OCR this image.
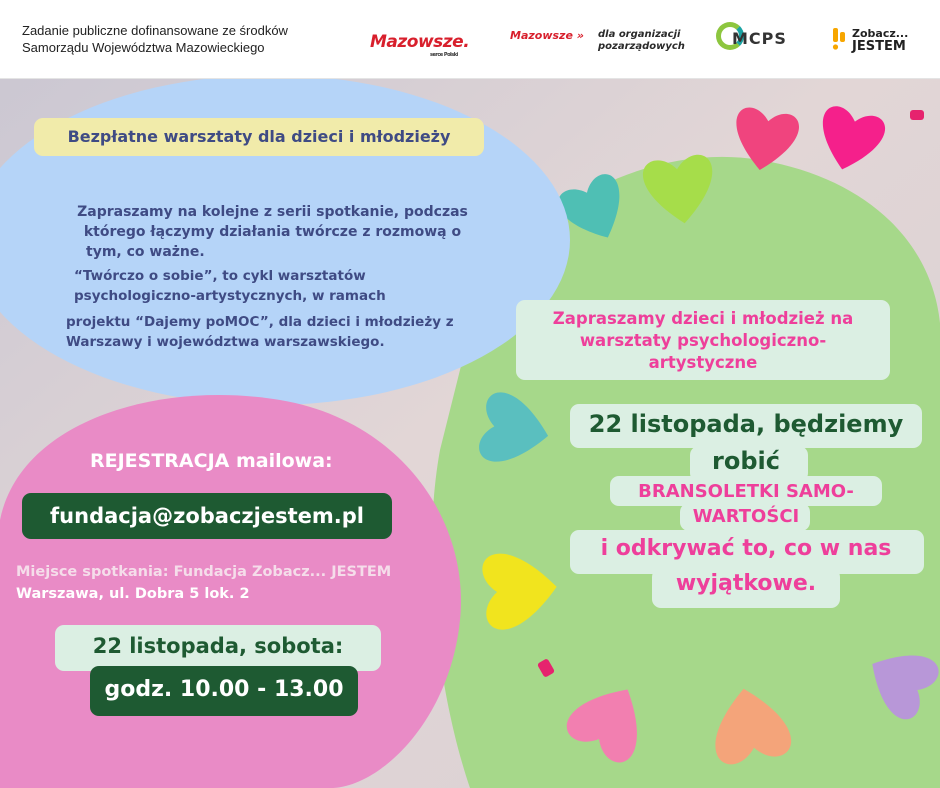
Zadanie publiczne dofinansowane ze środków
Samorządu Województwa Mazowieckiego	Mazowsze.
serce Polski
Mazowsze » dla organizacji pozarządowych	MCPS	Zobacz...
JESTEM
Bezpłatne warsztaty dla dzieci i młodzieży
Zapraszamy na kolejne z serii spotkanie, podczas
którego łączymy działania twórcze z rozmową o
tym, co ważne.
“Twórczo o sobie”, to cykl warsztatów
psychologiczno-artystycznych, w ramach
projektu “Dajemy poMOC”, dla dzieci i młodzieży z
Warszawy i województwa warszawskiego.
REJESTRACJA mailowa:
fundacja@zobaczjestem.pl
Miejsce spotkania: Fundacja Zobacz... JESTEM
Warszawa, ul. Dobra 5 lok. 2
22 listopada, sobota:
godz. 10.00 - 13.00
Zapraszamy dzieci i młodzież na
warsztaty psychologiczno-
artystyczne
22 listopada, będziemy
robić
BRANSOLETKI SAMO-
WARTOŚCI
i odkrywać to, co w nas
wyjątkowe.
